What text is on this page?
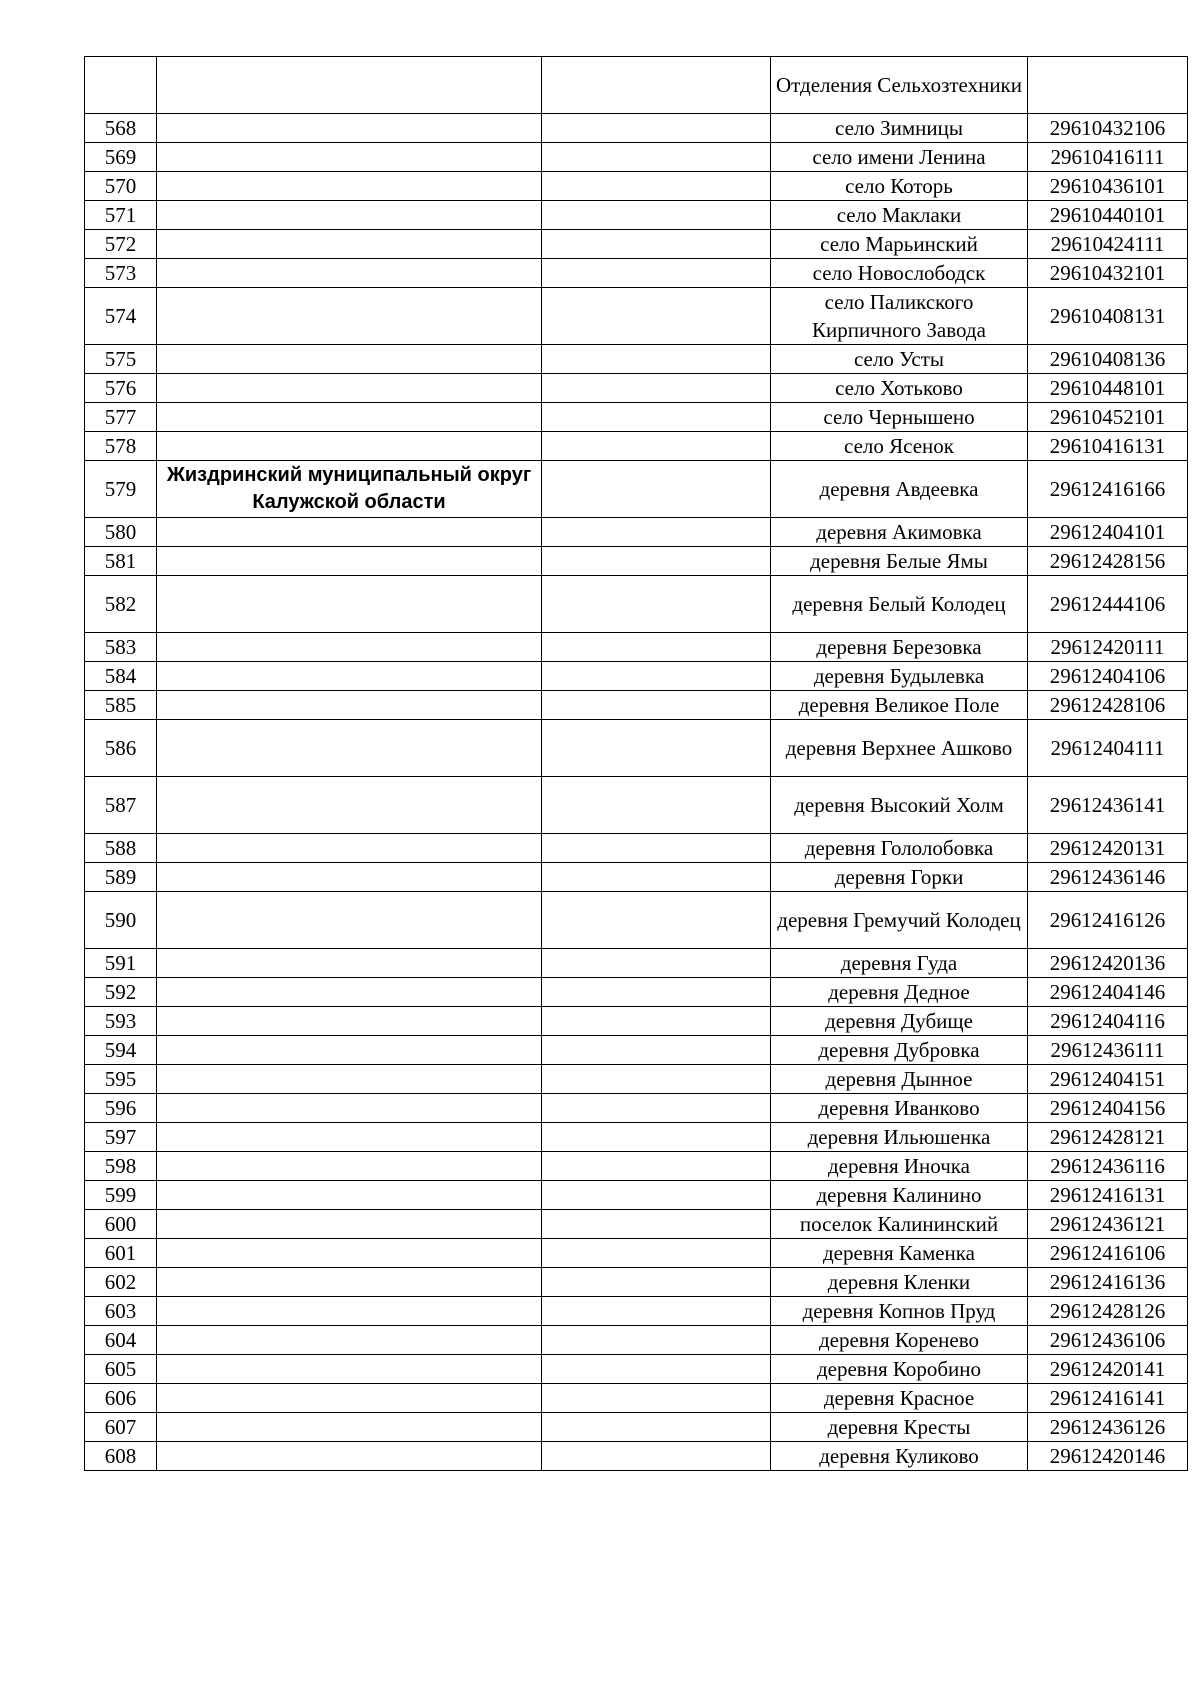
			Отделения Сельхозтехники	
568			село Зимницы	29610432106
569			село имени Ленина	29610416111
570			село Которь	29610436101
571			село Маклаки	29610440101
572			село Марьинский	29610424111
573			село Новослободск	29610432101
574			село Паликского Кирпичного Завода	29610408131
575			село Усты	29610408136
576			село Хотьково	29610448101
577			село Чернышено	29610452101
578			село Ясенок	29610416131
579	Жиздринский муниципальный округ Калужской области		деревня Авдеевка	29612416166
580			деревня Акимовка	29612404101
581			деревня Белые Ямы	29612428156
582			деревня Белый Колодец	29612444106
583			деревня Березовка	29612420111
584			деревня Будылевка	29612404106
585			деревня Великое Поле	29612428106
586			деревня Верхнее Ашково	29612404111
587			деревня Высокий Холм	29612436141
588			деревня Гололобовка	29612420131
589			деревня Горки	29612436146
590			деревня Гремучий Колодец	29612416126
591			деревня Гуда	29612420136
592			деревня Дедное	29612404146
593			деревня Дубище	29612404116
594			деревня Дубровка	29612436111
595			деревня Дынное	29612404151
596			деревня Иванково	29612404156
597			деревня Ильюшенка	29612428121
598			деревня Иночка	29612436116
599			деревня Калинино	29612416131
600			поселок Калининский	29612436121
601			деревня Каменка	29612416106
602			деревня Кленки	29612416136
603			деревня Копнов Пруд	29612428126
604			деревня Коренево	29612436106
605			деревня Коробино	29612420141
606			деревня Красное	29612416141
607			деревня Кресты	29612436126
608			деревня Куликово	29612420146
